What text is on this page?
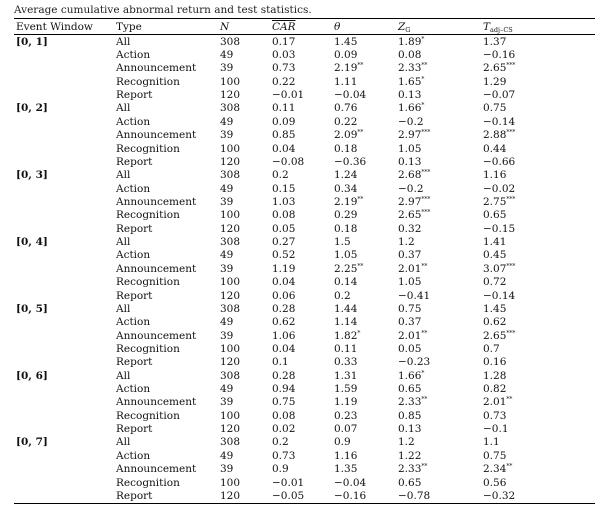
Average cumulative abnormal return and test statistics.
Event Window	Type	N	$\overline{CAR}$	θ	$Z_G$	$T_{adj-CS}$
[0, 1]	All	308	0.17	1.45	1.89*	1.37
	Action	49	0.03	0.09	0.08	−0.16
	Announcement	39	0.73	2.19**	2.33**	2.65***
	Recognition	100	0.22	1.11	1.65*	1.29
	Report	120	−0.01	−0.04	0.13	−0.07
[0, 2]	All	308	0.11	0.76	1.66*	0.75
	Action	49	0.09	0.22	−0.2	−0.14
	Announcement	39	0.85	2.09**	2.97***	2.88***
	Recognition	100	0.04	0.18	1.05	0.44
	Report	120	−0.08	−0.36	0.13	−0.66
[0, 3]	All	308	0.2	1.24	2.68***	1.16
	Action	49	0.15	0.34	−0.2	−0.02
	Announcement	39	1.03	2.19**	2.97***	2.75***
	Recognition	100	0.08	0.29	2.65***	0.65
	Report	120	0.05	0.18	0.32	−0.15
[0, 4]	All	308	0.27	1.5	1.2	1.41
	Action	49	0.52	1.05	0.37	0.45
	Announcement	39	1.19	2.25**	2.01**	3.07***
	Recognition	100	0.04	0.14	1.05	0.72
	Report	120	0.06	0.2	−0.41	−0.14
[0, 5]	All	308	0.28	1.44	0.75	1.45
	Action	49	0.62	1.14	0.37	0.62
	Announcement	39	1.06	1.82*	2.01**	2.65***
	Recognition	100	0.04	0.11	0.05	0.7
	Report	120	0.1	0.33	−0.23	0.16
[0, 6]	All	308	0.28	1.31	1.66*	1.28
	Action	49	0.94	1.59	0.65	0.82
	Announcement	39	0.75	1.19	2.33**	2.01**
	Recognition	100	0.08	0.23	0.85	0.73
	Report	120	0.02	0.07	0.13	−0.1
[0, 7]	All	308	0.2	0.9	1.2	1.1
	Action	49	0.73	1.16	1.22	0.75
	Announcement	39	0.9	1.35	2.33**	2.34**
	Recognition	100	−0.01	−0.04	0.65	0.56
	Report	120	−0.05	−0.16	−0.78	−0.32
